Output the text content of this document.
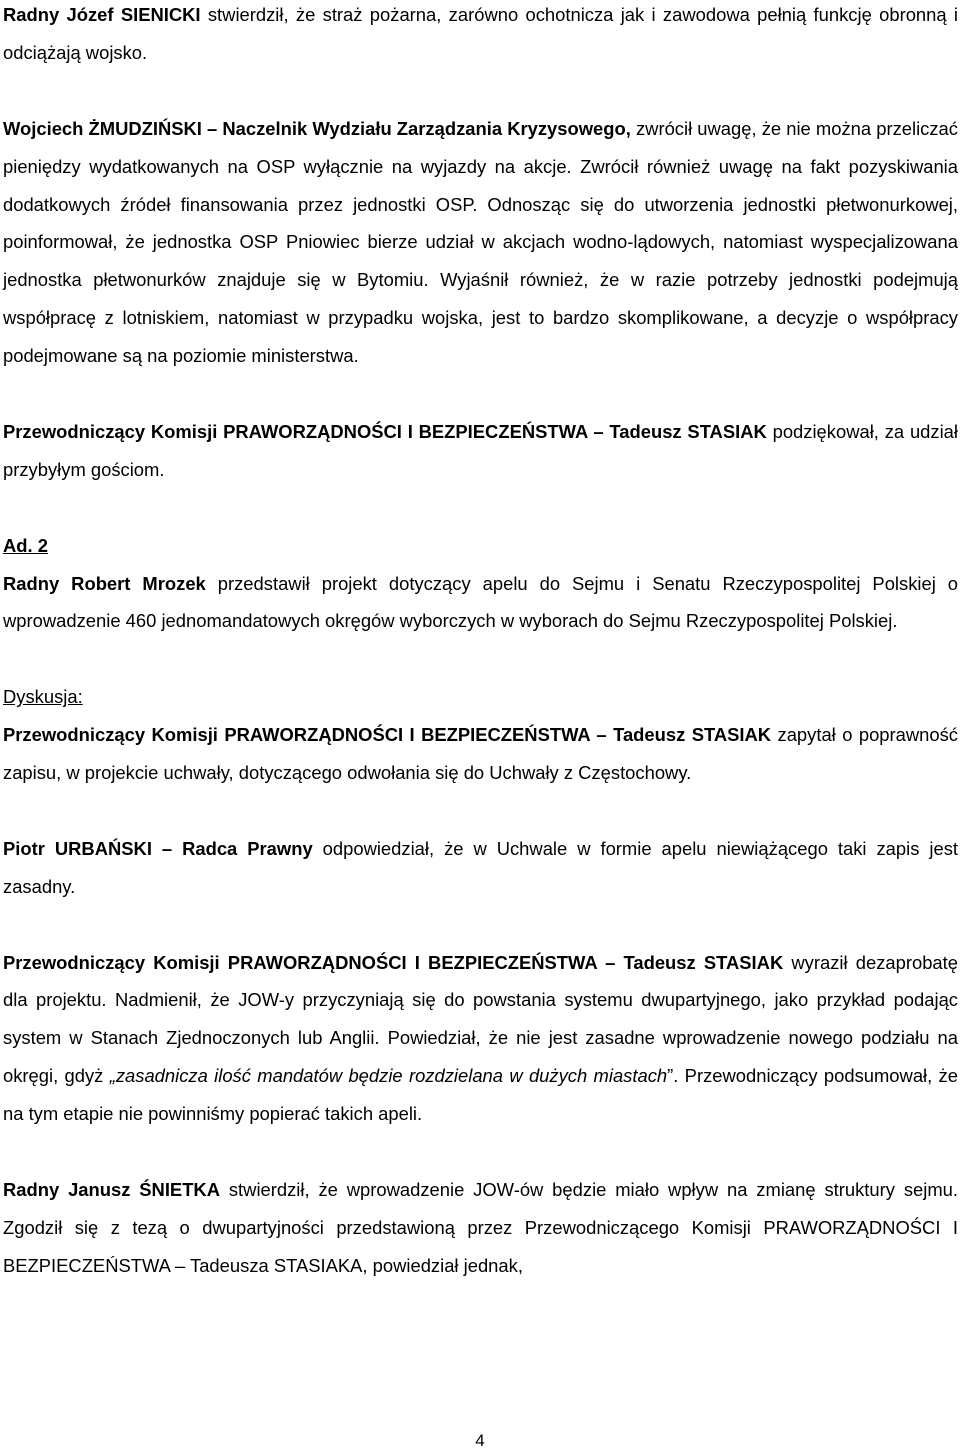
Radny Józef SIENICKI stwierdził, że straż pożarna, zarówno ochotnicza jak i zawodowa pełnią funkcję obronną i odciążają wojsko.

Wojciech ŻMUDZIŃSKI – Naczelnik Wydziału Zarządzania Kryzysowego, zwrócił uwagę, że nie można przeliczać pieniędzy wydatkowanych na OSP wyłącznie na wyjazdy na akcje. Zwrócił również uwagę na fakt pozyskiwania dodatkowych źródeł finansowania przez jednostki OSP. Odnosząc się do utworzenia jednostki płetwonurkowej, poinformował, że jednostka OSP Pniowiec bierze udział w akcjach wodno-lądowych, natomiast wyspecjalizowana jednostka płetwonurków znajduje się w Bytomiu. Wyjaśnił również, że w razie potrzeby jednostki podejmują współpracę z lotniskiem, natomiast w przypadku wojska, jest to bardzo skomplikowane, a decyzje o współpracy podejmowane są na poziomie ministerstwa.

Przewodniczący Komisji PRAWORZĄDNOŚCI I BEZPIECZEŃSTWA – Tadeusz STASIAK podziękował, za udział przybyłym gościom.

Ad. 2

Radny Robert Mrozek przedstawił projekt dotyczący apelu do Sejmu i Senatu Rzeczypospolitej Polskiej o wprowadzenie 460 jednomandatowych okręgów wyborczych w wyborach do Sejmu Rzeczypospolitej Polskiej.

Dyskusja:

Przewodniczący Komisji PRAWORZĄDNOŚCI I BEZPIECZEŃSTWA – Tadeusz STASIAK zapytał o poprawność zapisu, w projekcie uchwały, dotyczącego odwołania się do Uchwały z Częstochowy.

Piotr URBAŃSKI – Radca Prawny odpowiedział, że w Uchwale w formie apelu niewiążącego taki zapis jest zasadny.

Przewodniczący Komisji PRAWORZĄDNOŚCI I BEZPIECZEŃSTWA – Tadeusz STASIAK wyraził dezaprobatę dla projektu. Nadmienił, że JOW-y przyczyniają się do powstania systemu dwupartyjnego, jako przykład podając system w Stanach Zjednoczonych lub Anglii. Powiedział, że nie jest zasadne wprowadzenie nowego podziału na okręgi, gdyż „zasadnicza ilość mandatów będzie rozdzielana w dużych miastach”. Przewodniczący podsumował, że na tym etapie nie powinniśmy popierać takich apeli.

Radny Janusz ŚNIETKA stwierdził, że wprowadzenie JOW-ów będzie miało wpływ na zmianę struktury sejmu. Zgodził się z tezą o dwupartyjności przedstawioną przez Przewodniczącego Komisji PRAWORZĄDNOŚCI I BEZPIECZEŃSTWA – Tadeusza STASIAKA, powiedział jednak,

4
